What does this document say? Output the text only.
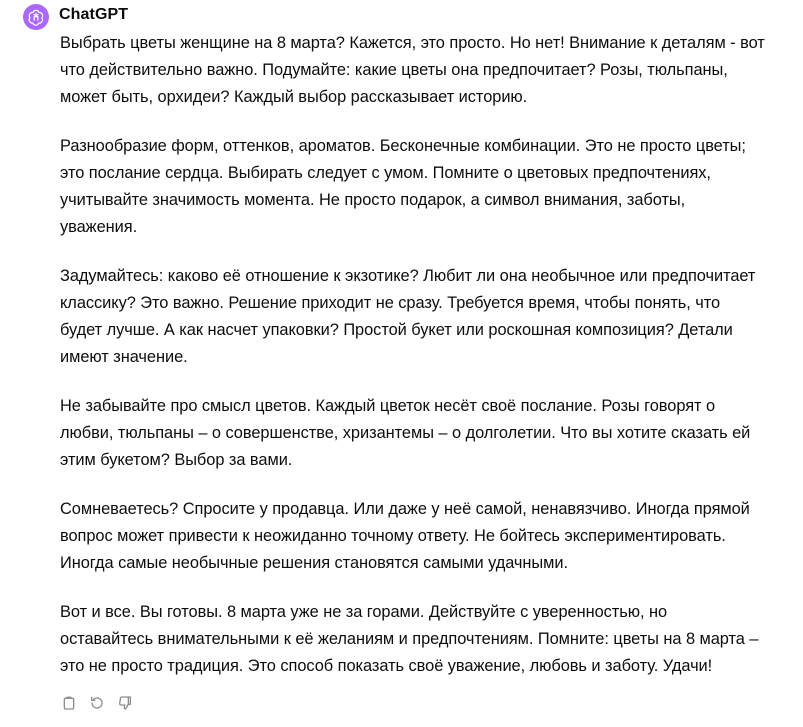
ChatGPT

Выбрать цветы женщине на 8 марта? Кажется, это просто. Но нет! Внимание к деталям - вот
что действительно важно. Подумайте: какие цветы она предпочитает? Розы, тюльпаны,
может быть, орхидеи? Каждый выбор рассказывает историю.

Разнообразие форм, оттенков, ароматов. Бесконечные комбинации. Это не просто цветы;
это послание сердца. Выбирать следует с умом. Помните о цветовых предпочтениях,
учитывайте значимость момента. Не просто подарок, а символ внимания, заботы,
уважения.

Задумайтесь: каково её отношение к экзотике? Любит ли она необычное или предпочитает
классику? Это важно. Решение приходит не сразу. Требуется время, чтобы понять, что
будет лучше. А как насчет упаковки? Простой букет или роскошная композиция? Детали
имеют значение.

Не забывайте про смысл цветов. Каждый цветок несёт своё послание. Розы говорят о
любви, тюльпаны – о совершенстве, хризантемы – о долголетии. Что вы хотите сказать ей
этим букетом? Выбор за вами.

Сомневаетесь? Спросите у продавца. Или даже у неё самой, ненавязчиво. Иногда прямой
вопрос может привести к неожиданно точному ответу. Не бойтесь экспериментировать.
Иногда самые необычные решения становятся самыми удачными.

Вот и все. Вы готовы. 8 марта уже не за горами. Действуйте с уверенностью, но
оставайтесь внимательными к её желаниям и предпочтениям. Помните: цветы на 8 марта –
это не просто традиция. Это способ показать своё уважение, любовь и заботу. Удачи!
